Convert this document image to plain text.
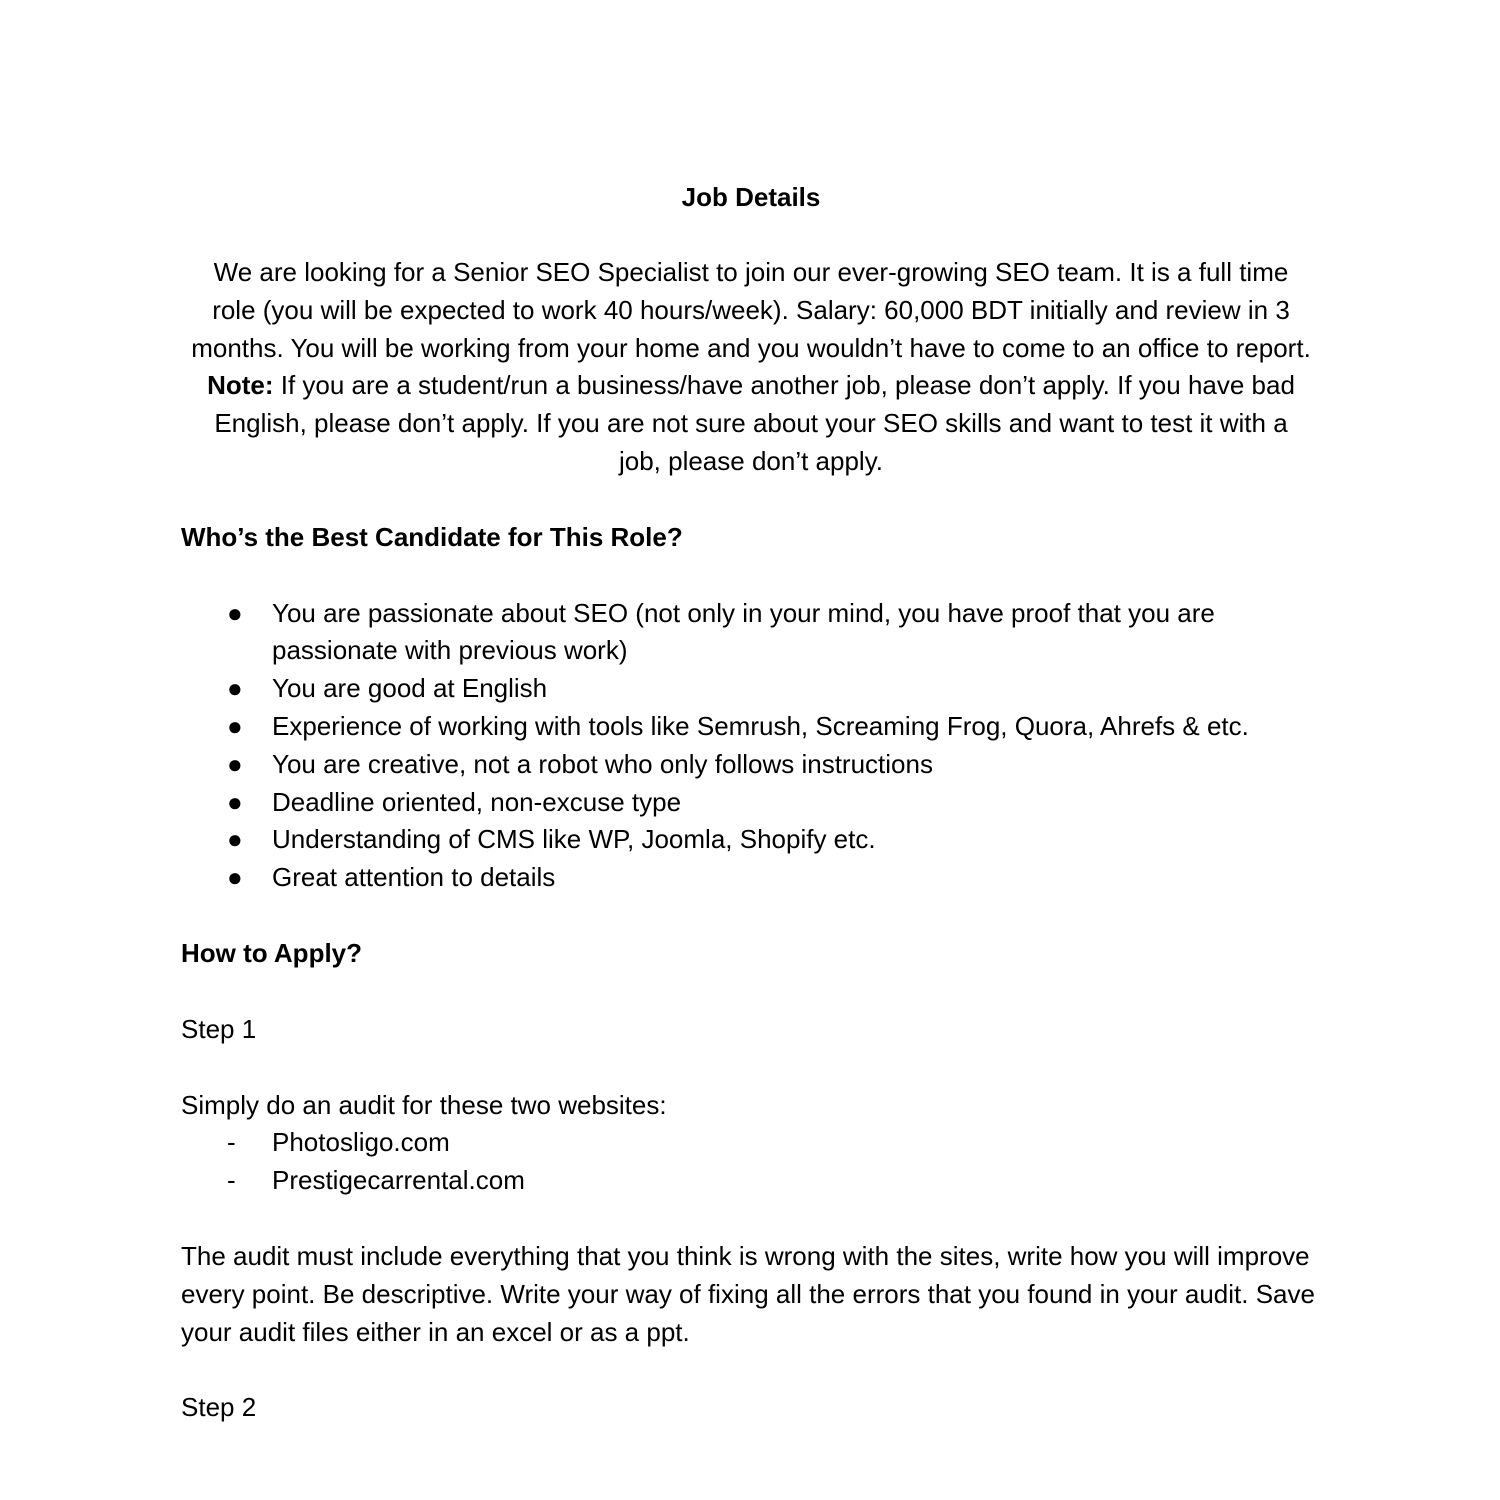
Job Details

We are looking for a Senior SEO Specialist to join our ever-growing SEO team. It is a full time role (you will be expected to work 40 hours/week). Salary: 60,000 BDT initially and review in 3 months. You will be working from your home and you wouldn’t have to come to an office to report.

Note: If you are a student/run a business/have another job, please don’t apply. If you have bad English, please don’t apply. If you are not sure about your SEO skills and want to test it with a job, please don’t apply.

Who’s the Best Candidate for This Role?

● You are passionate about SEO (not only in your mind, you have proof that you are passionate with previous work)
● You are good at English
● Experience of working with tools like Semrush, Screaming Frog, Quora, Ahrefs & etc.
● You are creative, not a robot who only follows instructions
● Deadline oriented, non-excuse type
● Understanding of CMS like WP, Joomla, Shopify etc.
● Great attention to details

How to Apply?

Step 1

Simply do an audit for these two websites:

- Photosligo.com
- Prestigecarrental.com

The audit must include everything that you think is wrong with the sites, write how you will improve every point. Be descriptive. Write your way of fixing all the errors that you found in your audit. Save your audit files either in an excel or as a ppt.

Step 2
